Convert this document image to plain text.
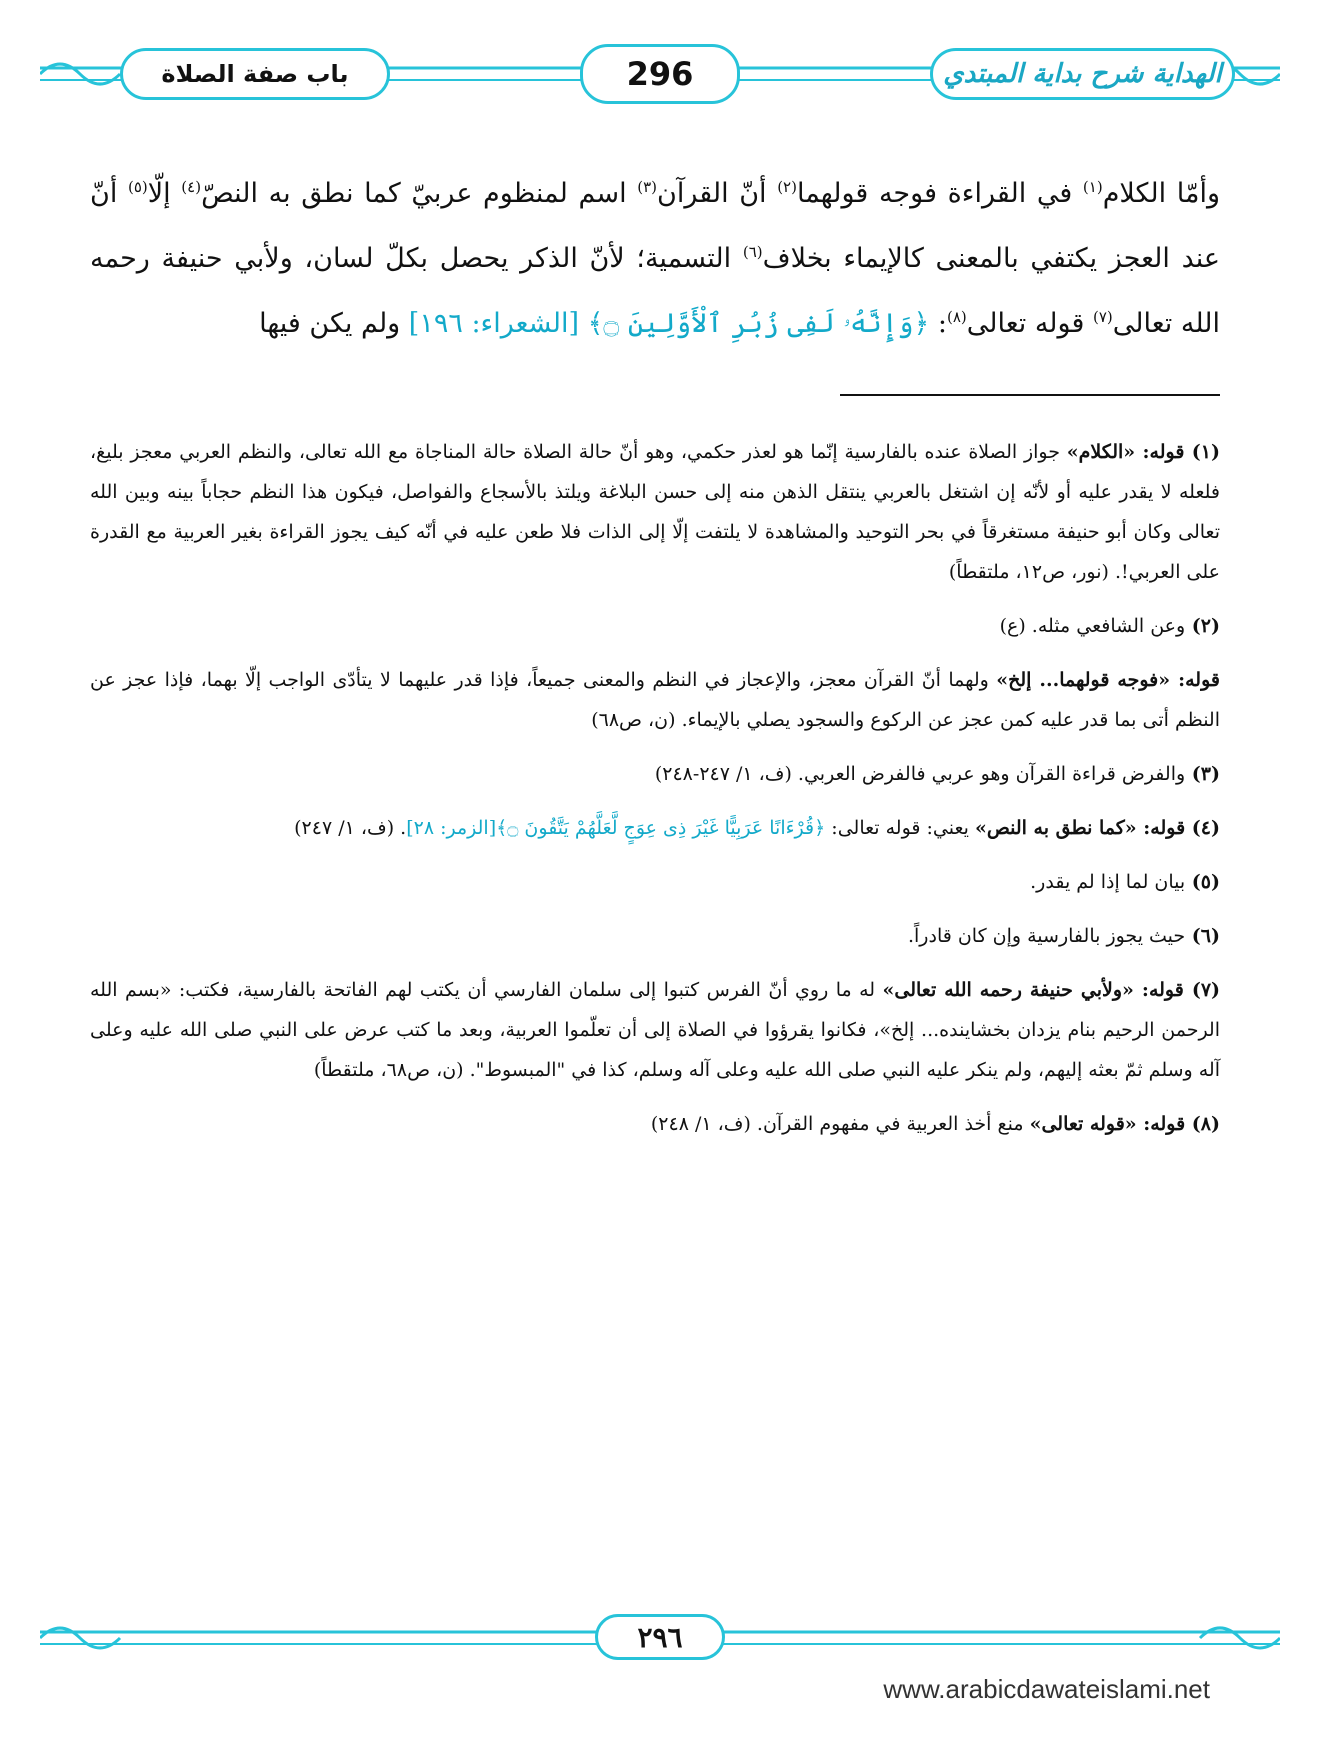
باب صفة الصلاة	296	الهداية شرح بداية المبتدي

وأمّا الكلام$^{(١)}$ في القراءة فوجه قولهما$^{(٢)}$ أنّ القرآن$^{(٣)}$ اسم لمنظوم عربيّ كما نطق به النصّ$^{(٤)}$ إلّا$^{(٥)}$ أنّ عند العجز يكتفي بالمعنى كالإيماء بخلاف$^{(٦)}$ التسمية؛ لأنّ الذكر يحصل بكلّ لسان، ولأبي حنيفة رحمه الله تعالى$^{(٧)}$ قوله تعالى$^{(٨)}$: ﴿وَإِنَّهُۥ لَفِى زُبُرِ ٱلْأَوَّلِينَ ۝﴾ [الشعراء: ١٩٦] ولم يكن فيها

(١) قوله: «الكلام» جواز الصلاة عنده بالفارسية إنّما هو لعذر حكمي، وهو أنّ حالة الصلاة حالة المناجاة مع الله تعالى، والنظم العربي معجز بليغ، فلعله لا يقدر عليه أو لأنّه إن اشتغل بالعربي ينتقل الذهن منه إلى حسن البلاغة ويلتذ بالأسجاع والفواصل، فيكون هذا النظم حجاباً بينه وبين الله تعالى وكان أبو حنيفة مستغرقاً في بحر التوحيد والمشاهدة لا يلتفت إلّا إلى الذات فلا طعن عليه في أنّه كيف يجوز القراءة بغير العربية مع القدرة على العربي!. (نور، ص١٢، ملتقطاً)

(٢) وعن الشافعي مثله. (ع)

قوله: «فوجه قولهما... إلخ» ولهما أنّ القرآن معجز، والإعجاز في النظم والمعنى جميعاً، فإذا قدر عليهما لا يتأدّى الواجب إلّا بهما، فإذا عجز عن النظم أتى بما قدر عليه كمن عجز عن الركوع والسجود يصلي بالإيماء. (ن، ص٦٨)

(٣) والفرض قراءة القرآن وهو عربي فالفرض العربي. (ف، ١/ ٢٤٧-٢٤٨)

(٤) قوله: «كما نطق به النص» يعني: قوله تعالى: ﴿قُرْءَانًا عَرَبِيًّا غَيْرَ ذِى عِوَجٍ لَّعَلَّهُمْ يَتَّقُونَ ۝﴾[الزمر: ٢٨]. (ف، ١/ ٢٤٧)

(٥) بيان لما إذا لم يقدر.

(٦) حيث يجوز بالفارسية وإن كان قادراً.

(٧) قوله: «ولأبي حنيفة رحمه الله تعالى» له ما روي أنّ الفرس كتبوا إلى سلمان الفارسي أن يكتب لهم الفاتحة بالفارسية، فكتب: «بسم الله الرحمن الرحيم بنام يزدان بخشاينده... إلخ»، فكانوا يقرؤوا في الصلاة إلى أن تعلّموا العربية، وبعد ما كتب عرض على النبي صلى الله عليه وعلى آله وسلم ثمّ بعثه إليهم، ولم ينكر عليه النبي صلى الله عليه وعلى آله وسلم، كذا في "المبسوط". (ن، ص٦٨، ملتقطاً)

(٨) قوله: «قوله تعالى» منع أخذ العربية في مفهوم القرآن. (ف، ١/ ٢٤٨)

٢٩٦
www.arabicdawateislami.net
